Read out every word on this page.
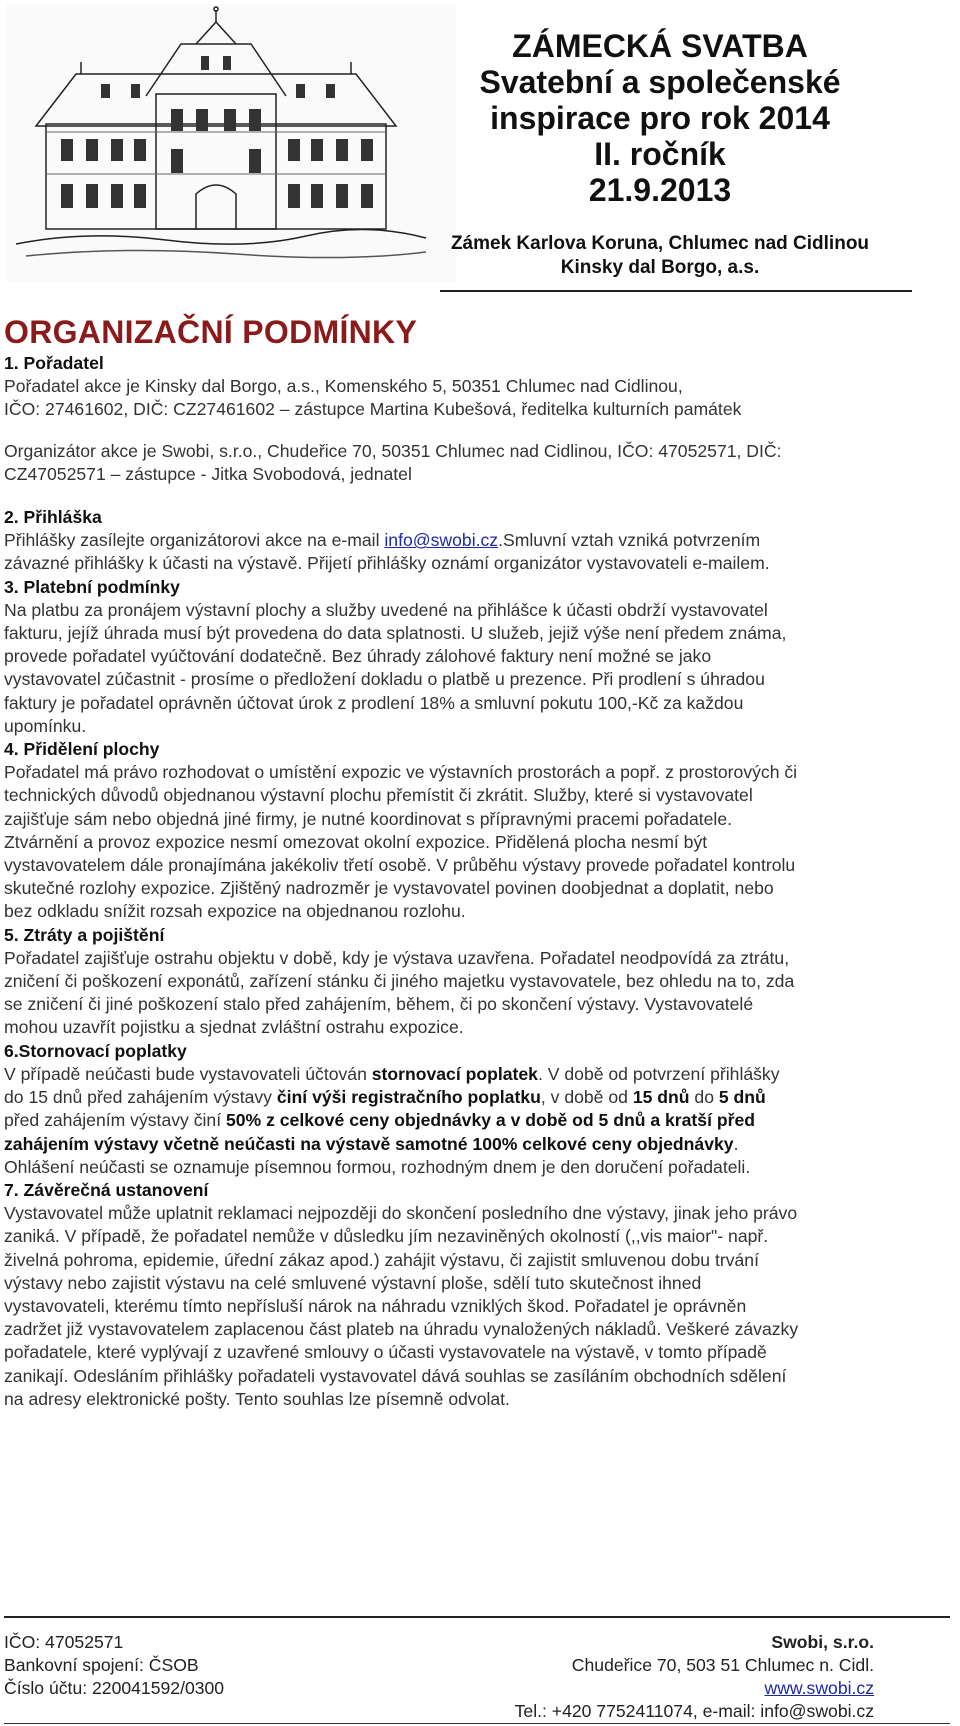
ZÁMECKÁ SVATBA
Svatební a společenské
inspirace pro rok 2014
II. ročník
21.9.2013
Zámek Karlova Koruna, Chlumec nad Cidlinou
Kinsky dal Borgo, a.s.
ORGANIZAČNÍ PODMÍNKY

1. Pořadatel

Pořadatel akce je Kinsky dal Borgo, a.s., Komenského 5, 50351 Chlumec nad Cidlinou,

IČO: 27461602, DIČ: CZ27461602 – zástupce Martina Kubešová, ředitelka kulturních památek

Organizátor akce je Swobi, s.r.o., Chudeřice 70, 50351 Chlumec nad Cidlinou, IČO: 47052571, DIČ:

CZ47052571 – zástupce - Jitka Svobodová, jednatel

2. Přihláška

Přihlášky zasílejte organizátorovi akce na e-mail info@swobi.cz.Smluvní vztah vzniká potvrzením

závazné přihlášky k účasti na výstavě. Přijetí přihlášky oznámí organizátor vystavovateli e-mailem.

3. Platební podmínky

Na platbu za pronájem výstavní plochy a služby uvedené na přihlášce k účasti obdrží vystavovatel

fakturu, jejíž úhrada musí být provedena do data splatnosti. U služeb, jejiž výše není předem známa,

provede pořadatel vyúčtování dodatečně. Bez úhrady zálohové faktury není možné se jako

vystavovatel zúčastnit - prosíme o předložení dokladu o platbě u prezence. Při prodlení s úhradou

faktury je pořadatel oprávněn účtovat úrok z prodlení 18% a smluvní pokutu 100,-Kč za každou

upomínku.

4. Přidělení plochy

Pořadatel má právo rozhodovat o umístění expozic ve výstavních prostorách a popř. z prostorových či

technických důvodů objednanou výstavní plochu přemístit či zkrátit. Služby, které si vystavovatel

zajišťuje sám nebo objedná jiné firmy, je nutné koordinovat s přípravnými pracemi pořadatele.

Ztvárnění a provoz expozice nesmí omezovat okolní expozice. Přidělená plocha nesmí být

vystavovatelem dále pronajímána jakékoliv třetí osobě. V průběhu výstavy provede pořadatel kontrolu

skutečné rozlohy expozice. Zjištěný nadrozměr je vystavovatel povinen doobjednat a doplatit, nebo

bez odkladu snížit rozsah expozice na objednanou rozlohu.

5. Ztráty a pojištění

Pořadatel zajišťuje ostrahu objektu v době, kdy je výstava uzavřena. Pořadatel neodpovídá za ztrátu,

zničení či poškození exponátů, zařízení stánku či jiného majetku vystavovatele, bez ohledu na to, zda

se zničení či jiné poškození stalo před zahájením, během, či po skončení výstavy. Vystavovatelé

mohou uzavřít pojistku a sjednat zvláštní ostrahu expozice.

6.Stornovací poplatky

V případě neúčasti bude vystavovateli účtován stornovací poplatek. V době od potvrzení přihlášky

do 15 dnů před zahájením výstavy činí výši registračního poplatku, v době od 15 dnů do 5 dnů

před zahájením výstavy činí 50% z celkové ceny objednávky a v době od 5 dnů a kratší před

zahájením výstavy včetně neúčasti na výstavě samotné 100% celkové ceny objednávky.

Ohlášení neúčasti se oznamuje písemnou formou, rozhodným dnem je den doručení pořadateli.

7. Závěrečná ustanovení

Vystavovatel může uplatnit reklamaci nejpozději do skončení posledního dne výstavy, jinak jeho právo

zaniká. V případě, že pořadatel nemůže v důsledku jím nezaviněných okolností (,,vis maior"- např.

živelná pohroma, epidemie, úřední zákaz apod.) zahájit výstavu, či zajistit smluvenou dobu trvání

výstavy nebo zajistit výstavu na celé smluvené výstavní ploše, sdělí tuto skutečnost ihned

vystavovateli, kterému tímto nepřísluší nárok na náhradu vzniklých škod. Pořadatel je oprávněn

zadržet již vystavovatelem zaplacenou část plateb na úhradu vynaložených nákladů. Veškeré závazky

pořadatele, které vyplývají z uzavřené smlouvy o účasti vystavovatele na výstavě, v tomto případě

zanikají. Odesláním přihlášky pořadateli vystavovatel dává souhlas se zasíláním obchodních sdělení

na adresy elektronické pošty. Tento souhlas lze písemně odvolat.

IČO: 47052571
Bankovní spojení: ČSOB
Číslo účtu: 220041592/0300
Swobi, s.r.o.
Chudeřice 70, 503 51 Chlumec n. Cidl.
www.swobi.cz
Tel.: +420 7752411074, e-mail: info@swobi.cz
